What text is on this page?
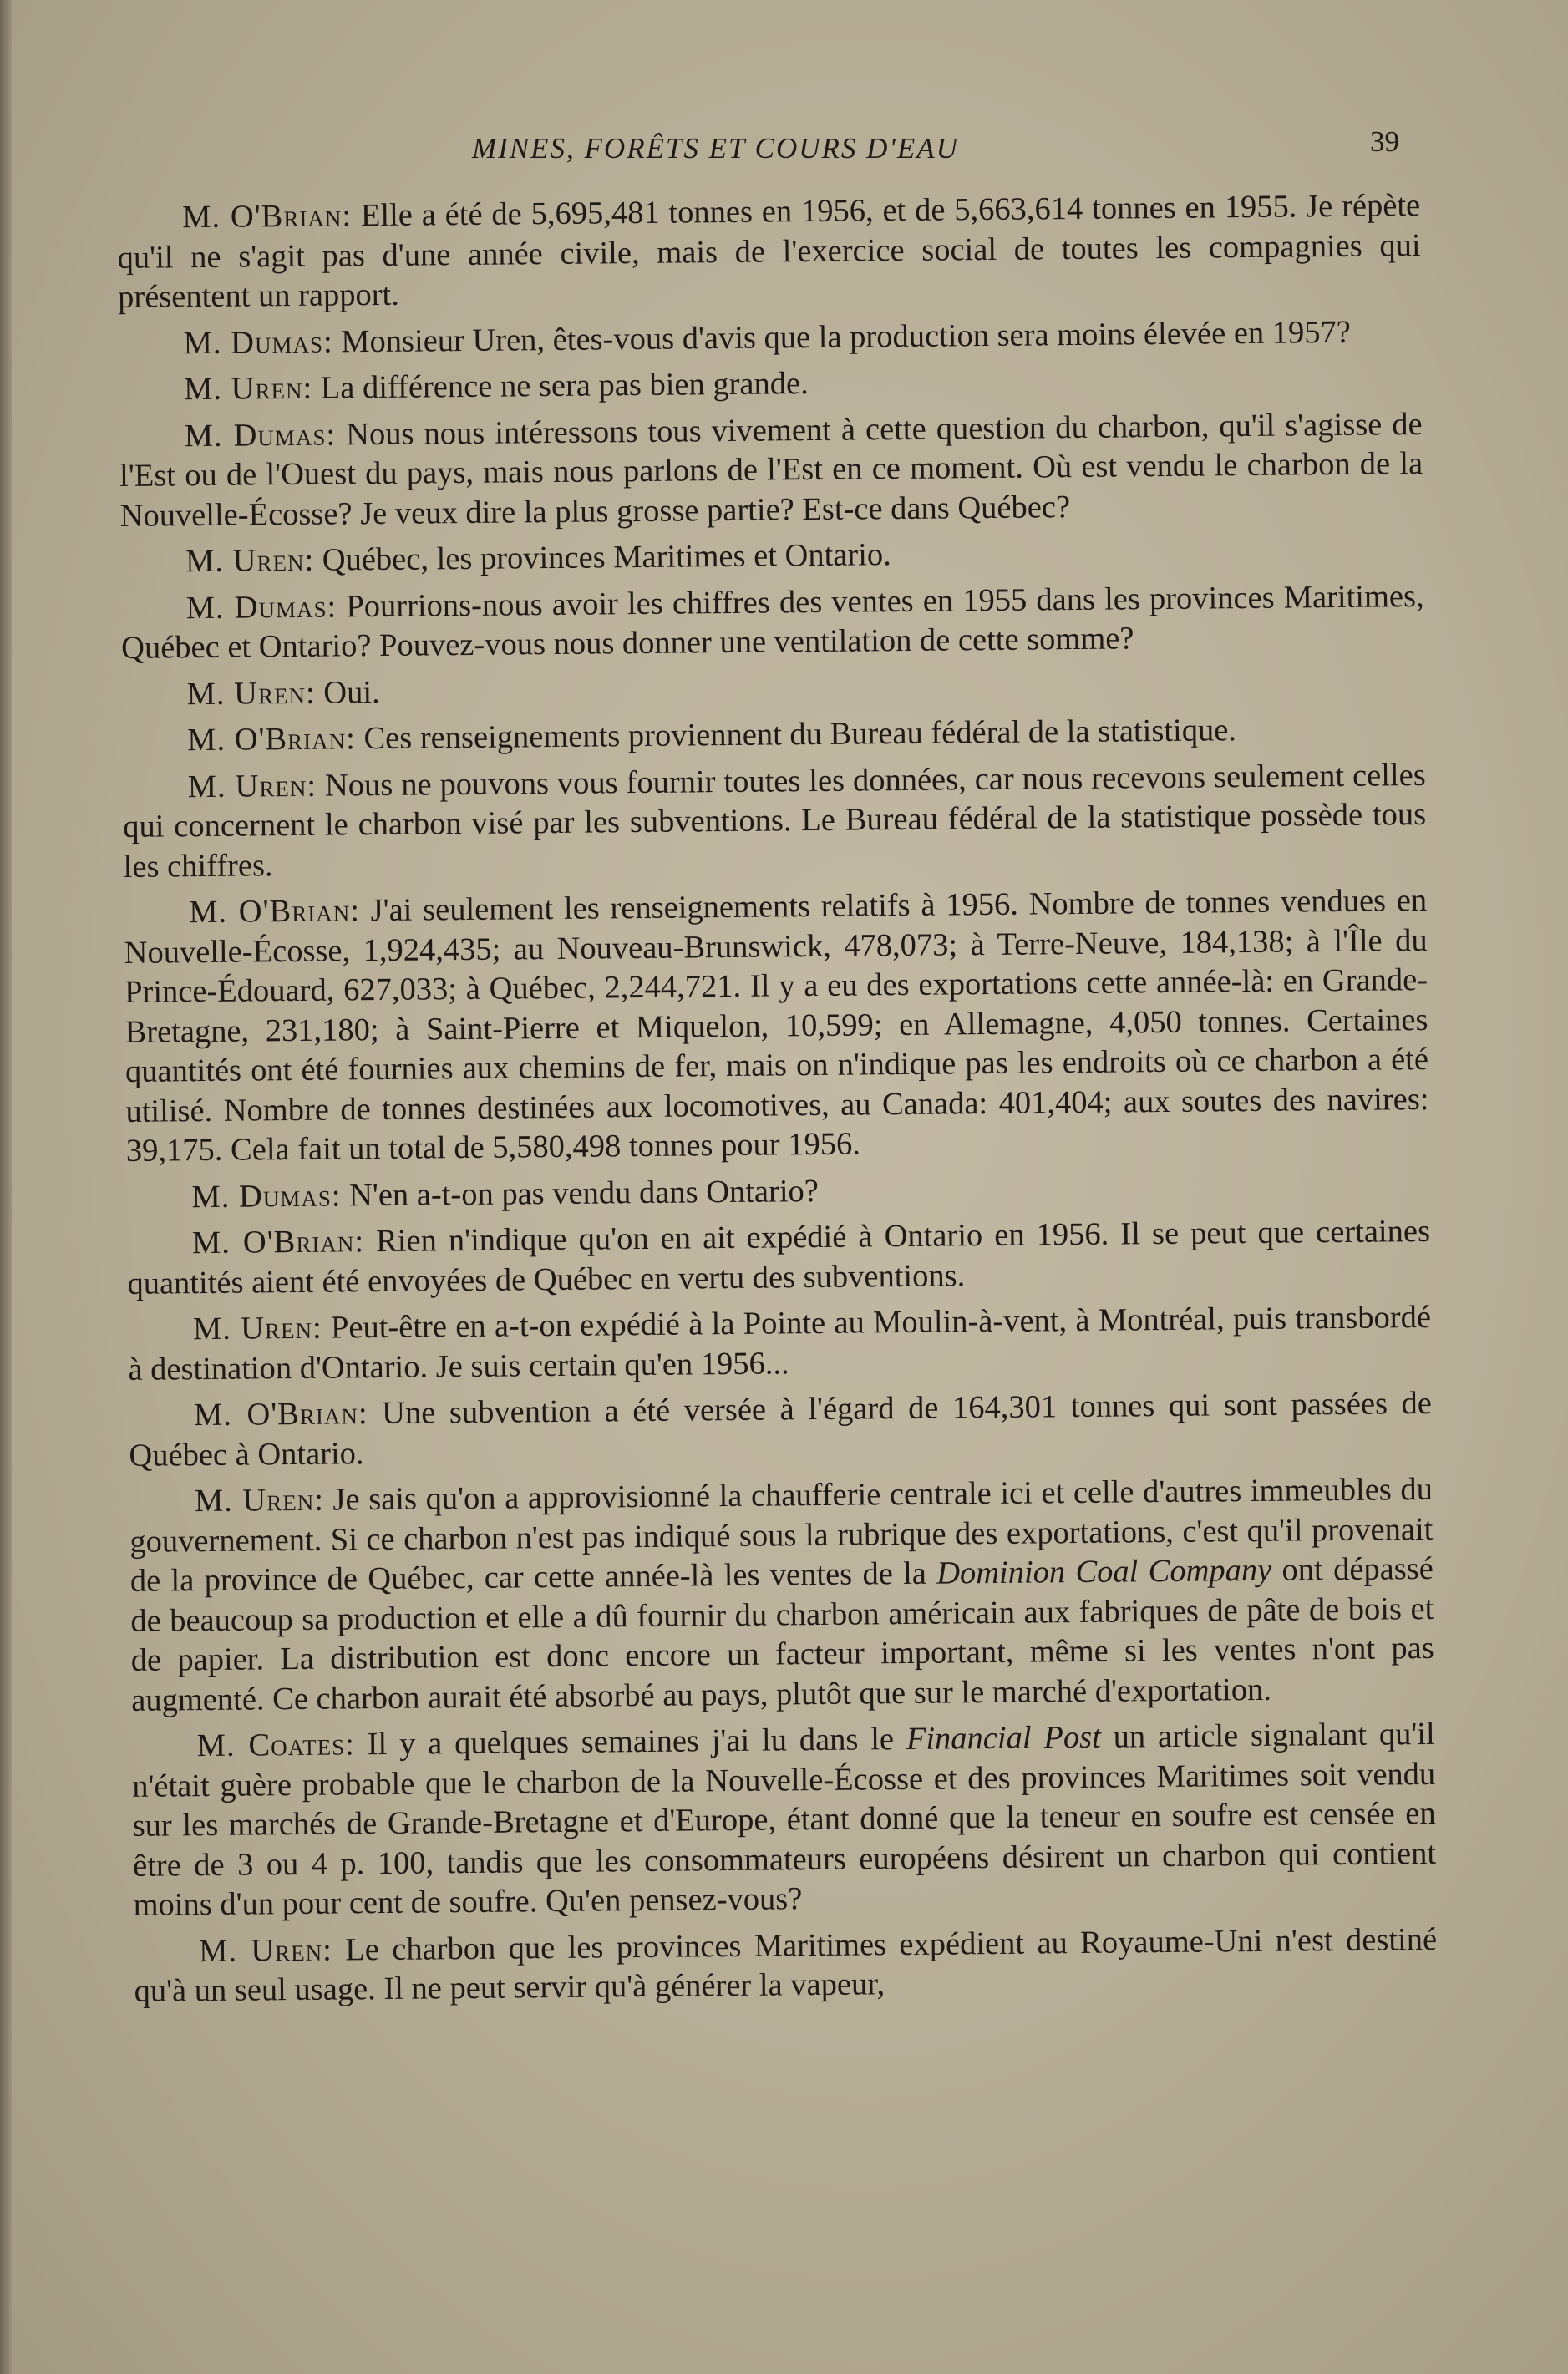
MINES, FORÊTS ET COURS D'EAU	39

M. O'Brian: Elle a été de 5,695,481 tonnes en 1956, et de 5,663,614 tonnes en 1955. Je répète qu'il ne s'agit pas d'une année civile, mais de l'exercice social de toutes les compagnies qui présentent un rapport.

M. Dumas: Monsieur Uren, êtes-vous d'avis que la production sera moins élevée en 1957?

M. Uren: La différence ne sera pas bien grande.

M. Dumas: Nous nous intéressons tous vivement à cette question du charbon, qu'il s'agisse de l'Est ou de l'Ouest du pays, mais nous parlons de l'Est en ce moment. Où est vendu le charbon de la Nouvelle-Écosse? Je veux dire la plus grosse partie? Est-ce dans Québec?

M. Uren: Québec, les provinces Maritimes et Ontario.

M. Dumas: Pourrions-nous avoir les chiffres des ventes en 1955 dans les provinces Maritimes, Québec et Ontario? Pouvez-vous nous donner une ventilation de cette somme?

M. Uren: Oui.

M. O'Brian: Ces renseignements proviennent du Bureau fédéral de la statistique.

M. Uren: Nous ne pouvons vous fournir toutes les données, car nous recevons seulement celles qui concernent le charbon visé par les subventions. Le Bureau fédéral de la statistique possède tous les chiffres.

M. O'Brian: J'ai seulement les renseignements relatifs à 1956. Nombre de tonnes vendues en Nouvelle-Écosse, 1,924,435; au Nouveau-Brunswick, 478,073; à Terre-Neuve, 184,138; à l'Île du Prince-Édouard, 627,033; à Québec, 2,244,721. Il y a eu des exportations cette année-là: en Grande-Bretagne, 231,180; à Saint-Pierre et Miquelon, 10,599; en Allemagne, 4,050 tonnes. Certaines quantités ont été fournies aux chemins de fer, mais on n'indique pas les endroits où ce charbon a été utilisé. Nombre de tonnes destinées aux locomotives, au Canada: 401,404; aux soutes des navires: 39,175. Cela fait un total de 5,580,498 tonnes pour 1956.

M. Dumas: N'en a-t-on pas vendu dans Ontario?

M. O'Brian: Rien n'indique qu'on en ait expédié à Ontario en 1956. Il se peut que certaines quantités aient été envoyées de Québec en vertu des subventions.

M. Uren: Peut-être en a-t-on expédié à la Pointe au Moulin-à-vent, à Montréal, puis transbordé à destination d'Ontario. Je suis certain qu'en 1956...

M. O'Brian: Une subvention a été versée à l'égard de 164,301 tonnes qui sont passées de Québec à Ontario.

M. Uren: Je sais qu'on a approvisionné la chaufferie centrale ici et celle d'autres immeubles du gouvernement. Si ce charbon n'est pas indiqué sous la rubrique des exportations, c'est qu'il provenait de la province de Québec, car cette année-là les ventes de la Dominion Coal Company ont dépassé de beaucoup sa production et elle a dû fournir du charbon américain aux fabriques de pâte de bois et de papier. La distribution est donc encore un facteur important, même si les ventes n'ont pas augmenté. Ce charbon aurait été absorbé au pays, plutôt que sur le marché d'exportation.

M. Coates: Il y a quelques semaines j'ai lu dans le Financial Post un article signalant qu'il n'était guère probable que le charbon de la Nouvelle-Écosse et des provinces Maritimes soit vendu sur les marchés de Grande-Bretagne et d'Europe, étant donné que la teneur en soufre est censée en être de 3 ou 4 p. 100, tandis que les consommateurs européens désirent un charbon qui contient moins d'un pour cent de soufre. Qu'en pensez-vous?

M. Uren: Le charbon que les provinces Maritimes expédient au Royaume-Uni n'est destiné qu'à un seul usage. Il ne peut servir qu'à générer la vapeur,
